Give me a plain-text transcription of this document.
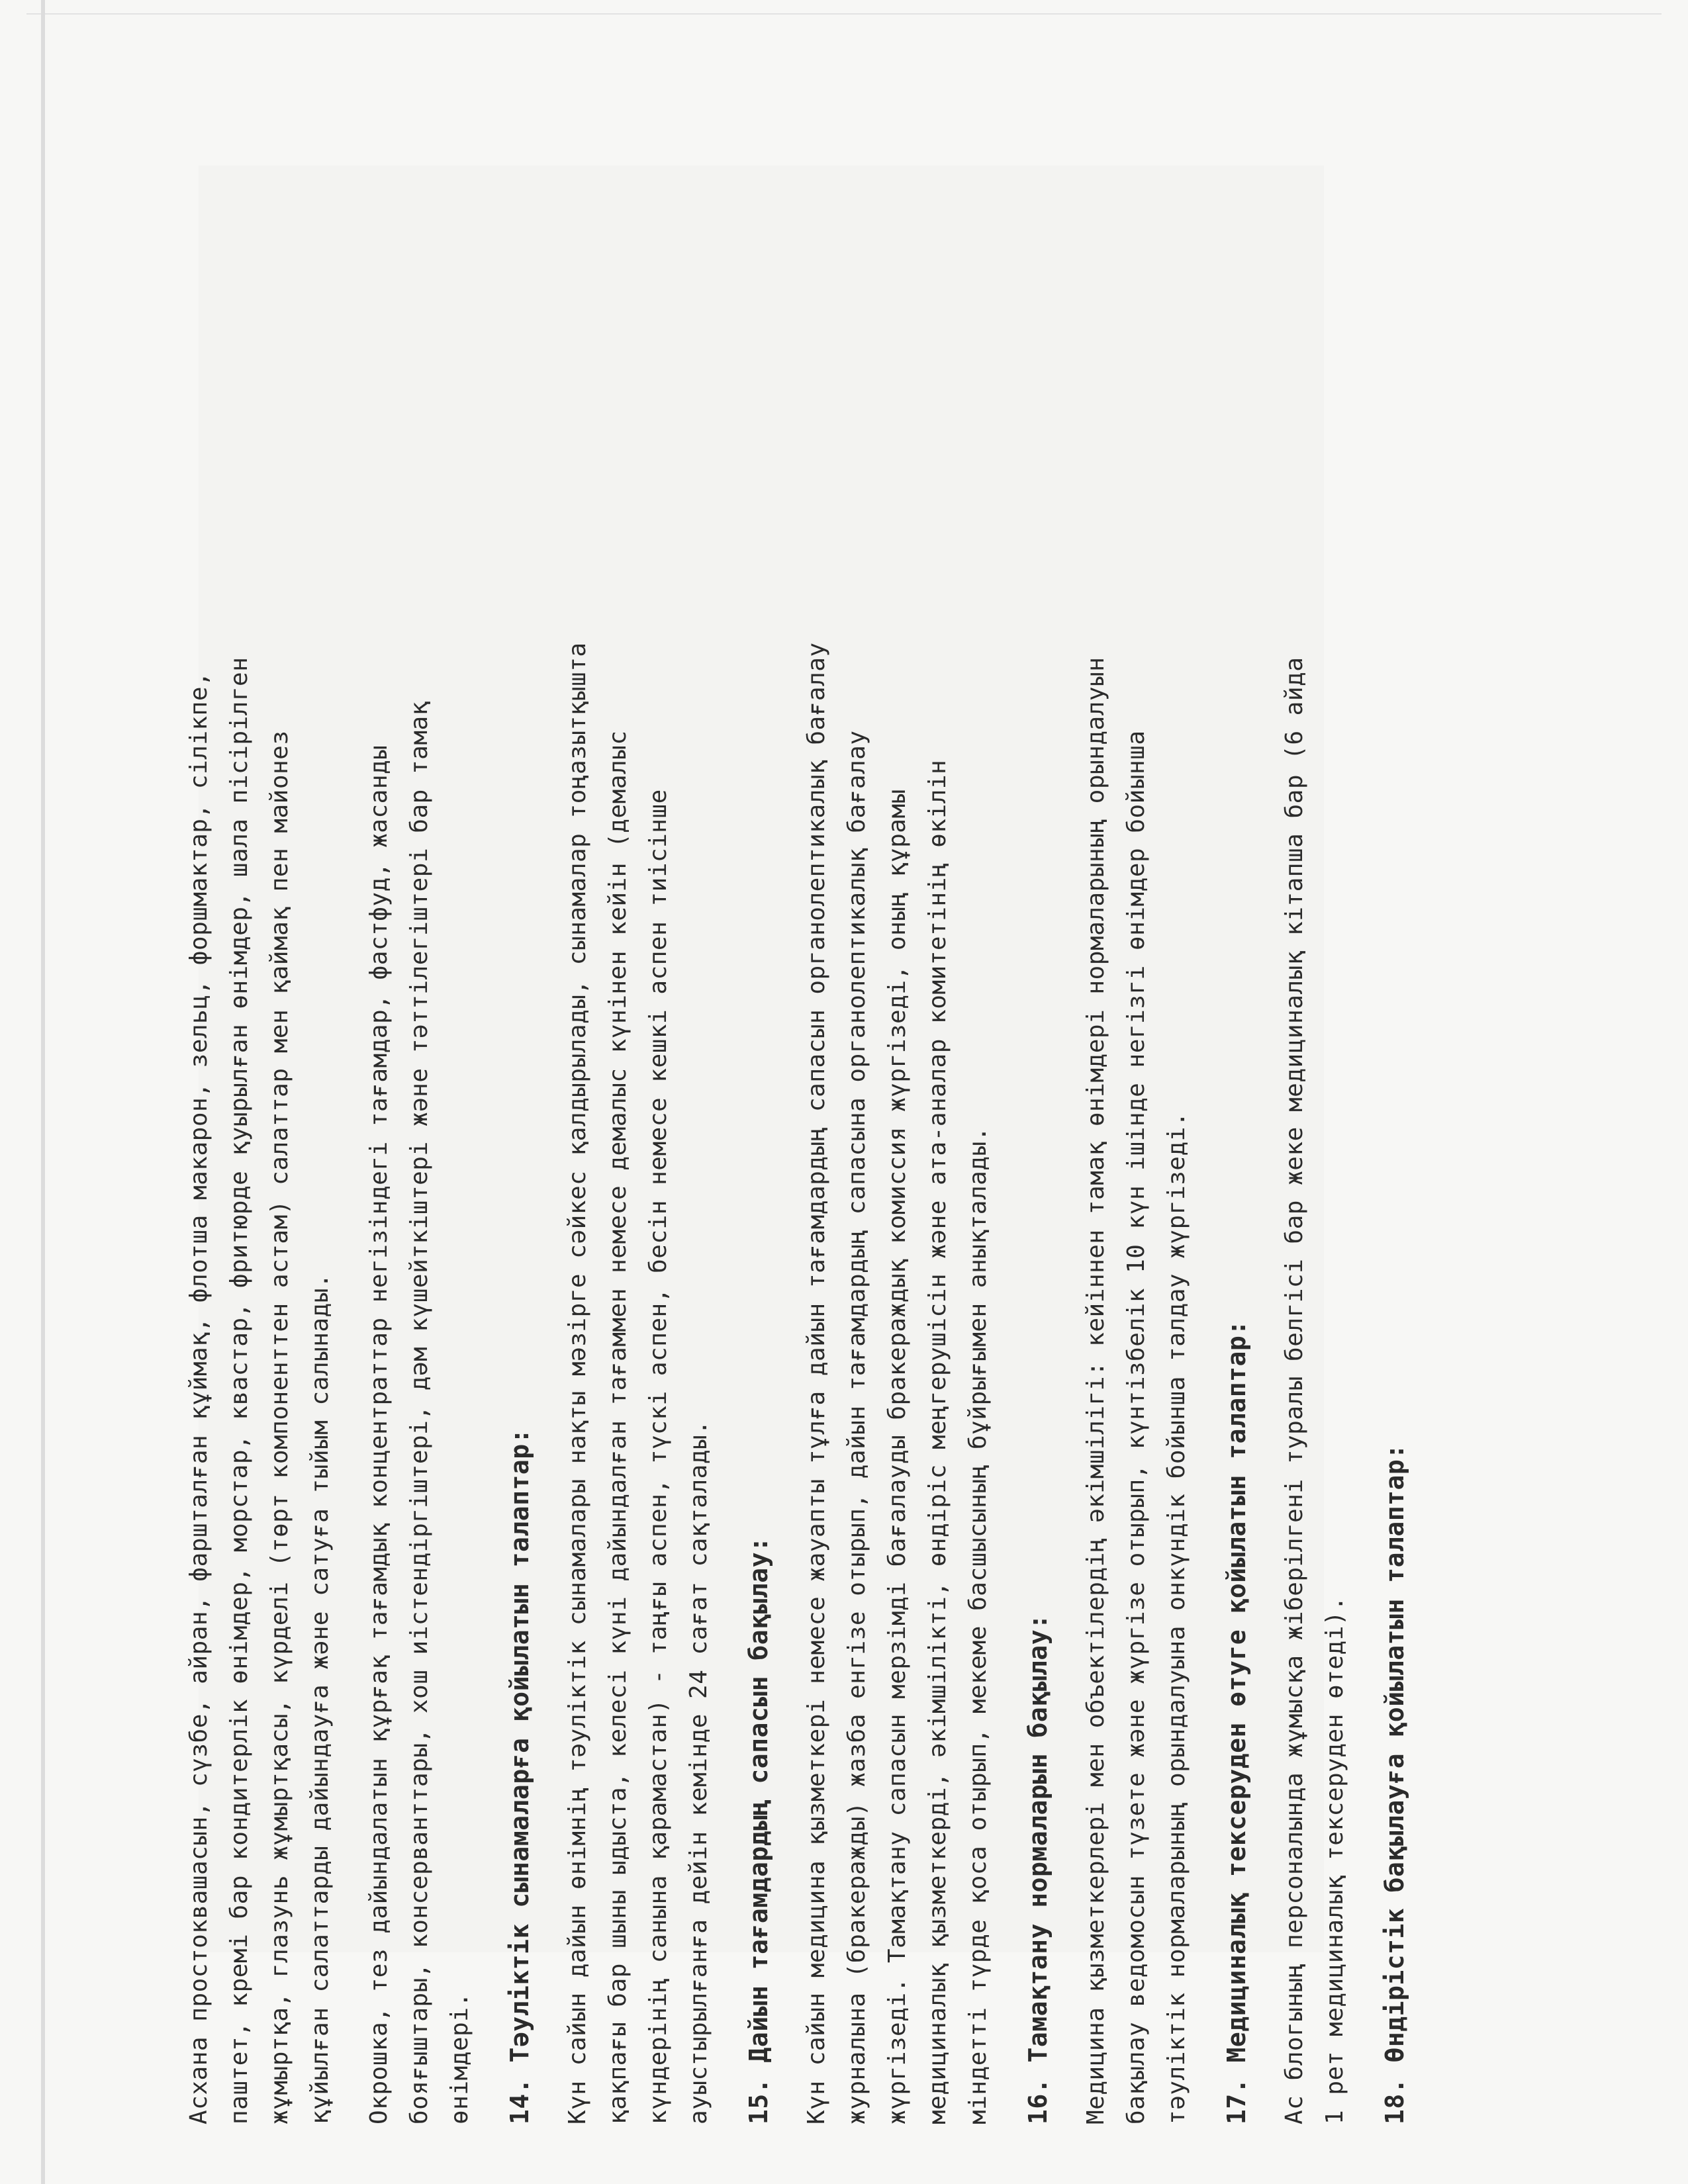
Асхана простоквашасын, сүзбе, айран, фаршталған құймақ, флотша макарон, зельц, форшмактар, сілікпе, паштет, кремі бар кондитерлік өнімдер, морстар, квастар, фритюрде қуырылған өнімдер, шала пісірілген жұмыртқа, глазунь жұмыртқасы, күрделі (төрт компоненттен астам) салаттар мен қаймақ пен майонез құйылған салаттарды дайындауға және сатуға тыйым салынады. Окрошка, тез дайындалатын құрғақ тағамдық концентраттар негізіндегі тағамдар, фастфуд, жасанды бояғыштары, консерванттары, хош иістендіргіштері, дәм күшейткіштері және тәттілегіштері бар тамақ өнімдері. 14. Тәуліктік сынамаларға қойылатын талаптар: Күн сайын дайын өнімнің тәуліктік сынамалары нақты мәзірге сәйкес қалдырылады, сынамалар тоңазытқышта қақпағы бар шыны ыдыста, келесі күні дайындалған тағаммен немесе демалыс күнінен кейін (демалыс күндерінің санына қарамастан) - таңғы аспен, түскі аспен, бесін немесе кешкі аспен тиісінше ауыстырылғанға дейін кемінде 24 сағат сақталады. 15. Дайын тағамдардың сапасын бақылау: Күн сайын медицина қызметкері немесе жауапты тұлға дайын тағамдардың сапасын органолептикалық бағалау журналына (бракеражды) жазба енгізе отырып, дайын тағамдардың сапасына органолептикалық бағалау жүргізеді. Тамақтану сапасын мерзімді бағалауды бракераждық комиссия жүргізеді, оның құрамы медициналық қызметкерді, әкімшілікті, өндіріс меңгерушісін және ата-аналар комитетінің өкілін міндетті түрде қоса отырып, мекеме басшысының бұйрығымен анықталады. 16. Тамақтану нормаларын бақылау: Медицина қызметкерлері мен объектілердің әкімшілігі: кейіннен тамақ өнімдері нормаларының орындалуын бақылау ведомосын түзете және жүргізе отырып, күнтізбелік 10 күн ішінде негізгі өнімдер бойынша тәуліктік нормаларының орындалуына онкүндік бойынша талдау жүргізеді. 17. Медициналық тексеруден өтуге қойылатын талаптар: Ас блогының персоналында жұмысқа жіберілгені туралы белгісі бар жеке медициналық кітапша бар (6 айда 1 рет медициналық тексеруден өтеді). 18. Өндірістік бақылауға қойылатын талаптар:
